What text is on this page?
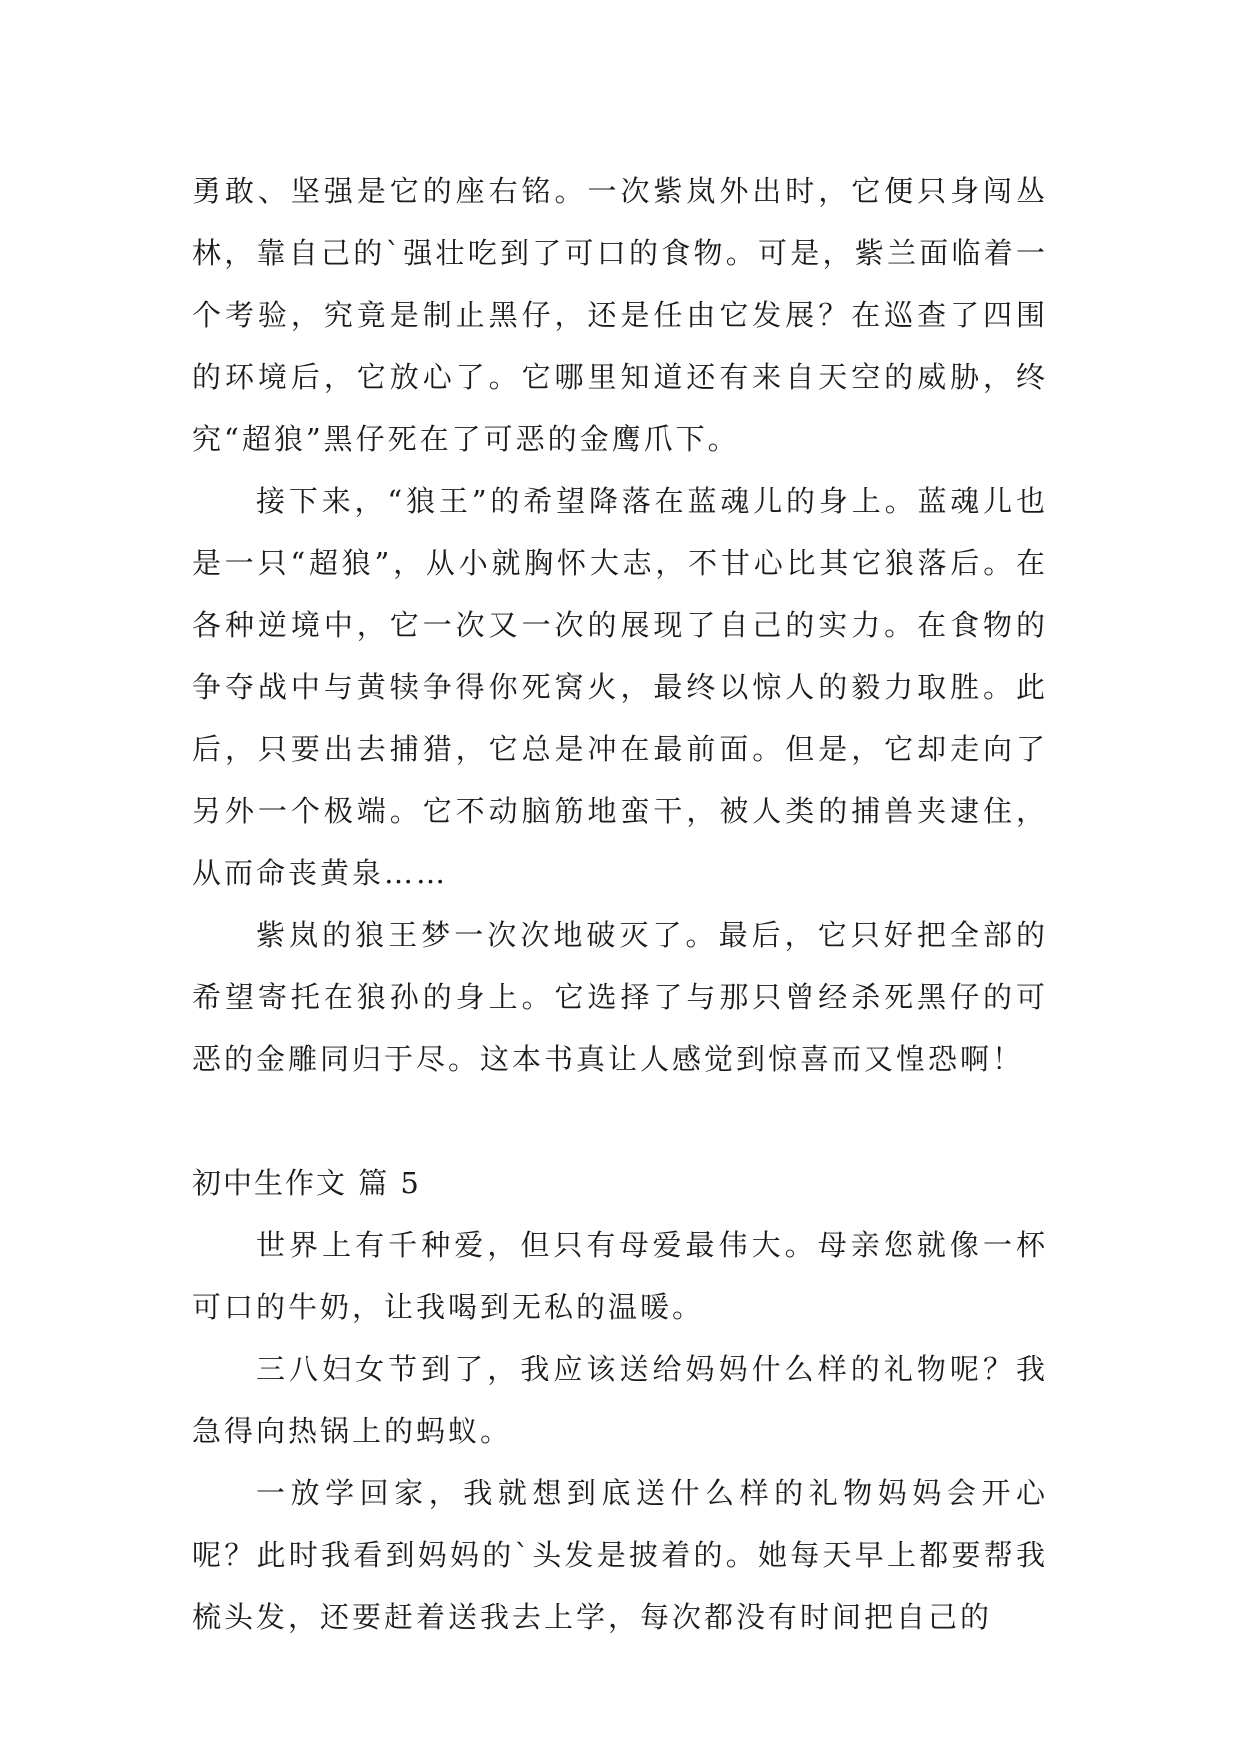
勇敢、坚强是它的座右铭。一次紫岚外出时，它便只身闯丛林，靠自己的`强壮吃到了可口的食物。可是，紫兰面临着一个考验，究竟是制止黑仔，还是任由它发展？在巡查了四围的环境后，它放心了。它哪里知道还有来自天空的威胁，终究“超狼”黑仔死在了可恶的金鹰爪下。

接下来，“狼王”的希望降落在蓝魂儿的身上。蓝魂儿也是一只“超狼”，从小就胸怀大志，不甘心比其它狼落后。在各种逆境中，它一次又一次的展现了自己的实力。在食物的争夺战中与黄犊争得你死窝火，最终以惊人的毅力取胜。此后，只要出去捕猎，它总是冲在最前面。但是，它却走向了另外一个极端。它不动脑筋地蛮干，被人类的捕兽夹逮住，从而命丧黄泉……

紫岚的狼王梦一次次地破灭了。最后，它只好把全部的希望寄托在狼孙的身上。它选择了与那只曾经杀死黑仔的可恶的金雕同归于尽。这本书真让人感觉到惊喜而又惶恐啊！

初中生作文 篇 5

世界上有千种爱，但只有母爱最伟大。母亲您就像一杯可口的牛奶，让我喝到无私的温暖。

三八妇女节到了，我应该送给妈妈什么样的礼物呢？我急得向热锅上的蚂蚁。

一放学回家，我就想到底送什么样的礼物妈妈会开心呢？此时我看到妈妈的`头发是披着的。她每天早上都要帮我梳头发，还要赶着送我去上学，每次都没有时间把自己的
